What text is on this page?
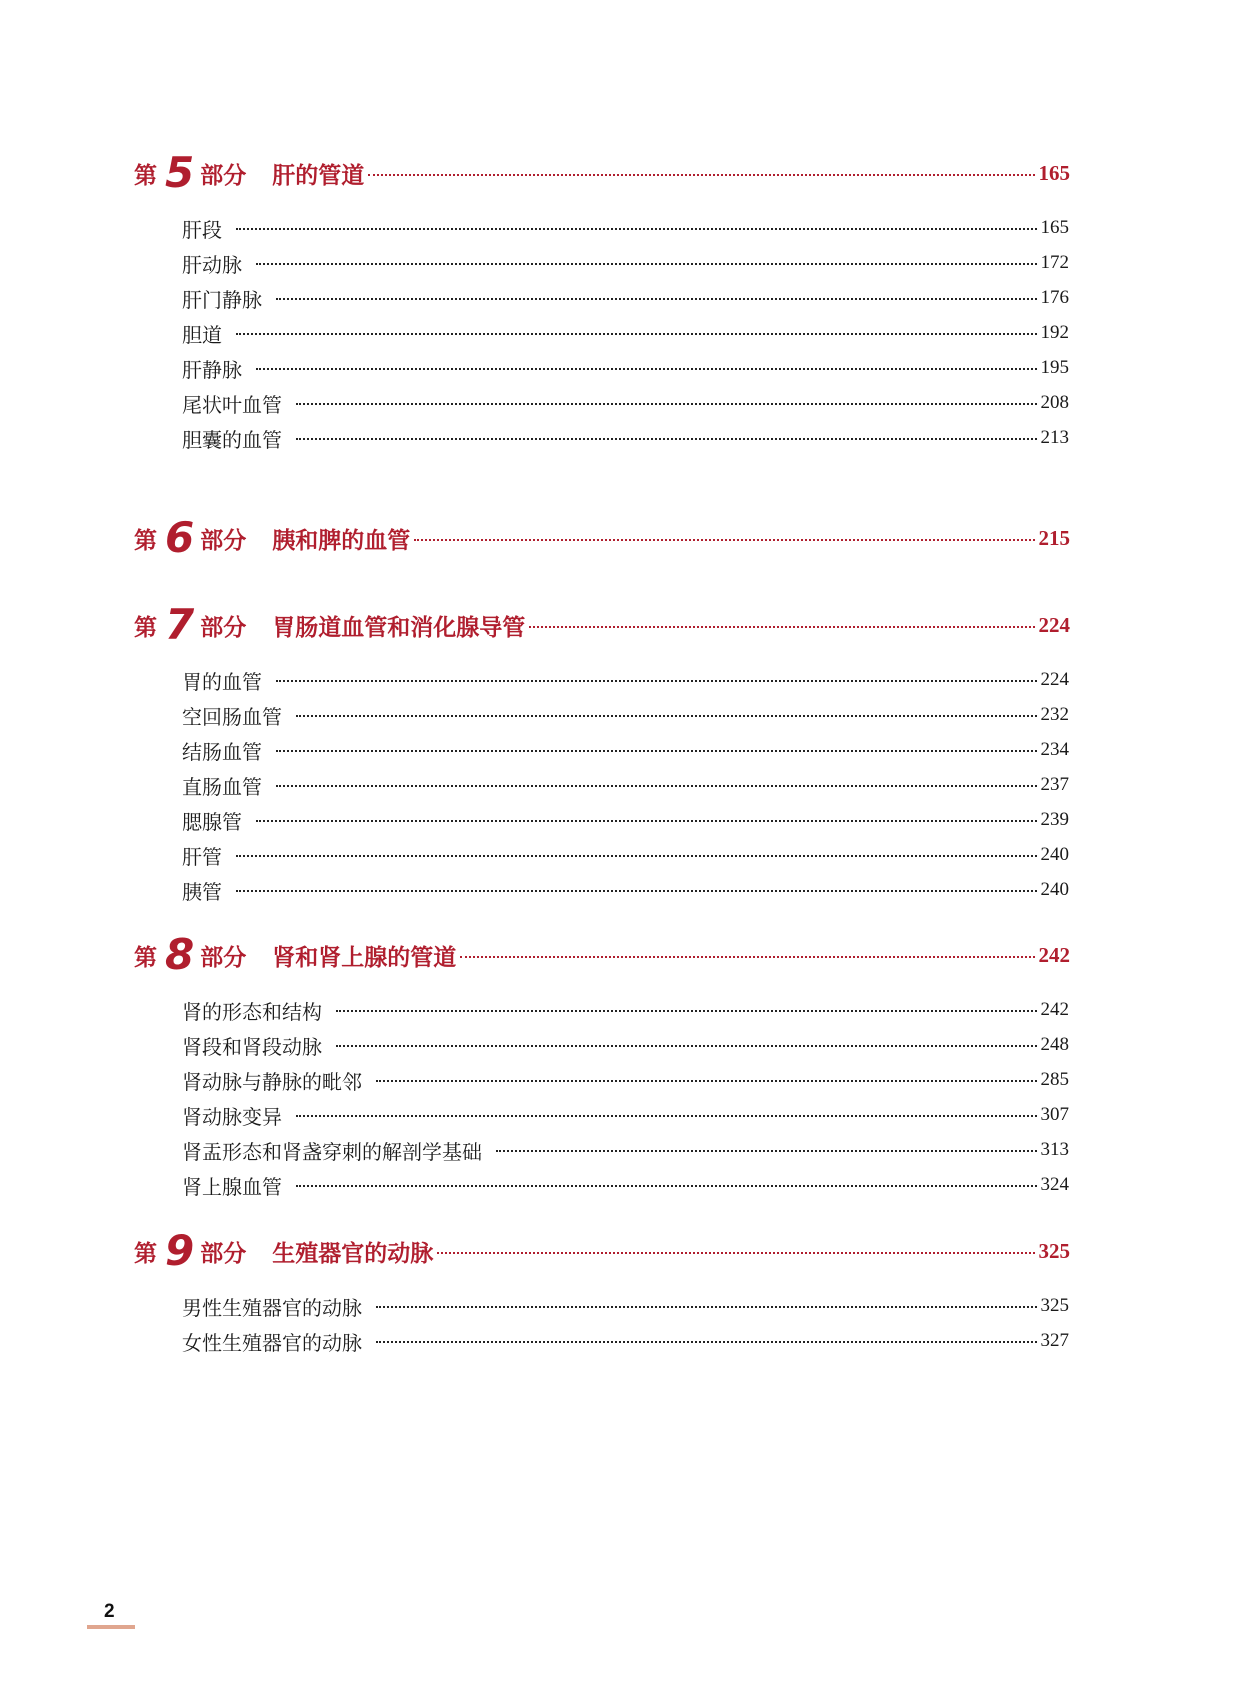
第 5 部分 肝的管道	165
肝段	165
肝动脉	172
肝门静脉	176
胆道	192
肝静脉	195
尾状叶血管	208
胆囊的血管	213
第 6 部分 胰和脾的血管	215
第 7 部分 胃肠道血管和消化腺导管	224
胃的血管	224
空回肠血管	232
结肠血管	234
直肠血管	237
腮腺管	239
肝管	240
胰管	240
第 8 部分 肾和肾上腺的管道	242
肾的形态和结构	242
肾段和肾段动脉	248
肾动脉与静脉的毗邻	285
肾动脉变异	307
肾盂形态和肾盏穿刺的解剖学基础	313
肾上腺血管	324
第 9 部分 生殖器官的动脉	325
男性生殖器官的动脉	325
女性生殖器官的动脉	327
2
